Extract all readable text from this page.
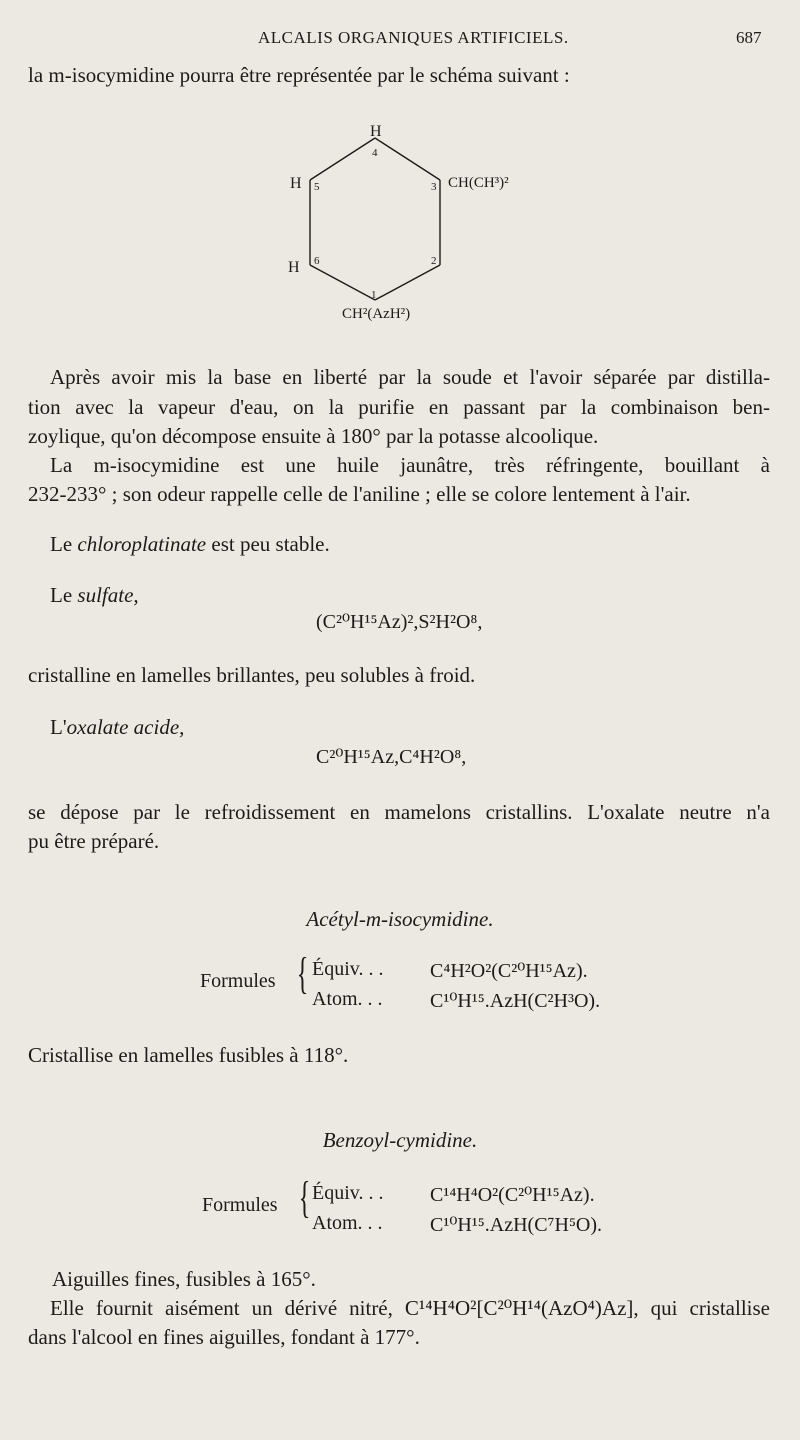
ALCALIS ORGANIQUES ARTIFICIELS.	687
la m-isocymidine pourra être représentée par le schéma suivant :
H
4
H 5	3 CH(CH³)²
H 6	2
1
CH²(AzH²)
Après avoir mis la base en liberté par la soude et l'avoir séparée par distilla-
tion avec la vapeur d'eau, on la purifie en passant par la combinaison ben-
zoylique, qu'on décompose ensuite à 180° par la potasse alcoolique.
La m-isocymidine est une huile jaunâtre, très réfringente, bouillant à
232-233° ; son odeur rappelle celle de l'aniline ; elle se colore lentement à l'air.
Le chloroplatinate est peu stable.
Le sulfate,
(C²⁰H¹⁵Az)²,S²H²O⁸,
cristalline en lamelles brillantes, peu solubles à froid.
L'oxalate acide,
C²⁰H¹⁵Az,C⁴H²O⁸,
se dépose par le refroidissement en mamelons cristallins. L'oxalate neutre n'a
pu être préparé.
Acétyl-m-isocymidine.
Formules { Équiv. . . C⁴H²O²(C²⁰H¹⁵Az).
Atom. . . C¹⁰H¹⁵.AzH(C²H³O).
Cristallise en lamelles fusibles à 118°.
Benzoyl-cymidine.
Formules { Équiv. . . C¹⁴H⁴O²(C²⁰H¹⁵Az).
Atom. . . C¹⁰H¹⁵.AzH(C⁷H⁵O).
Aiguilles fines, fusibles à 165°.
Elle fournit aisément un dérivé nitré, C¹⁴H⁴O²[C²⁰H¹⁴(AzO⁴)Az], qui cristallise
dans l'alcool en fines aiguilles, fondant à 177°.
